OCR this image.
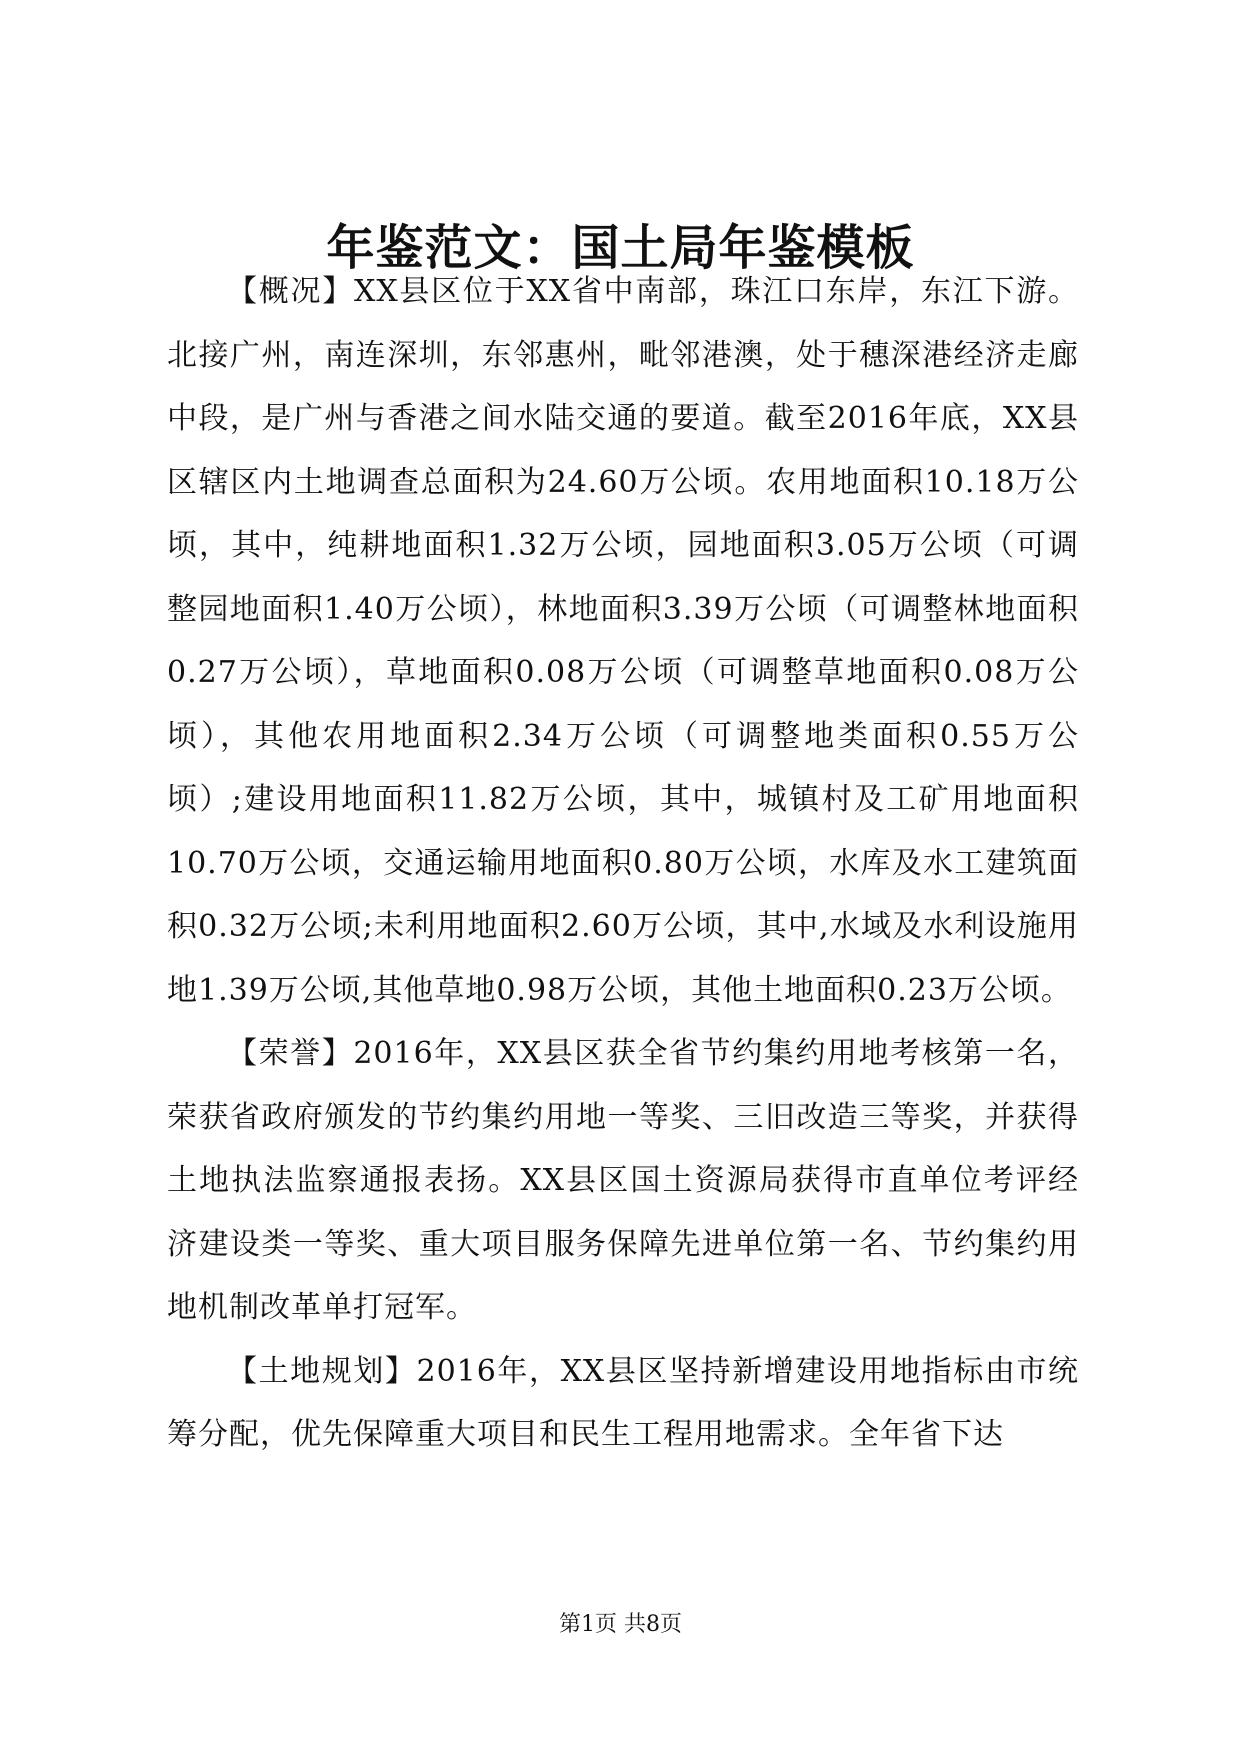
年鉴范文：国土局年鉴模板

【概况】XX县区位于XX省中南部，珠江口东岸，东江下游。北接广州，南连深圳，东邻惠州，毗邻港澳，处于穗深港经济走廊中段，是广州与香港之间水陆交通的要道。截至2016年底，XX县区辖区内土地调查总面积为24.60万公顷。农用地面积10.18万公顷，其中，纯耕地面积1.32万公顷，园地面积3.05万公顷（可调整园地面积1.40万公顷），林地面积3.39万公顷（可调整林地面积0.27万公顷），草地面积0.08万公顷（可调整草地面积0.08万公顷），其他农用地面积2.34万公顷（可调整地类面积0.55万公顷）;建设用地面积11.82万公顷，其中，城镇村及工矿用地面积10.70万公顷，交通运输用地面积0.80万公顷，水库及水工建筑面积0.32万公顷;未利用地面积2.60万公顷，其中,水域及水利设施用地1.39万公顷,其他草地0.98万公顷，其他土地面积0.23万公顷。

【荣誉】2016年，XX县区获全省节约集约用地考核第一名，荣获省政府颁发的节约集约用地一等奖、三旧改造三等奖，并获得土地执法监察通报表扬。XX县区国土资源局获得市直单位考评经济建设类一等奖、重大项目服务保障先进单位第一名、节约集约用地机制改革单打冠军。

【土地规划】2016年，XX县区坚持新增建设用地指标由市统筹分配，优先保障重大项目和民生工程用地需求。全年省下达

第1页 共8页
